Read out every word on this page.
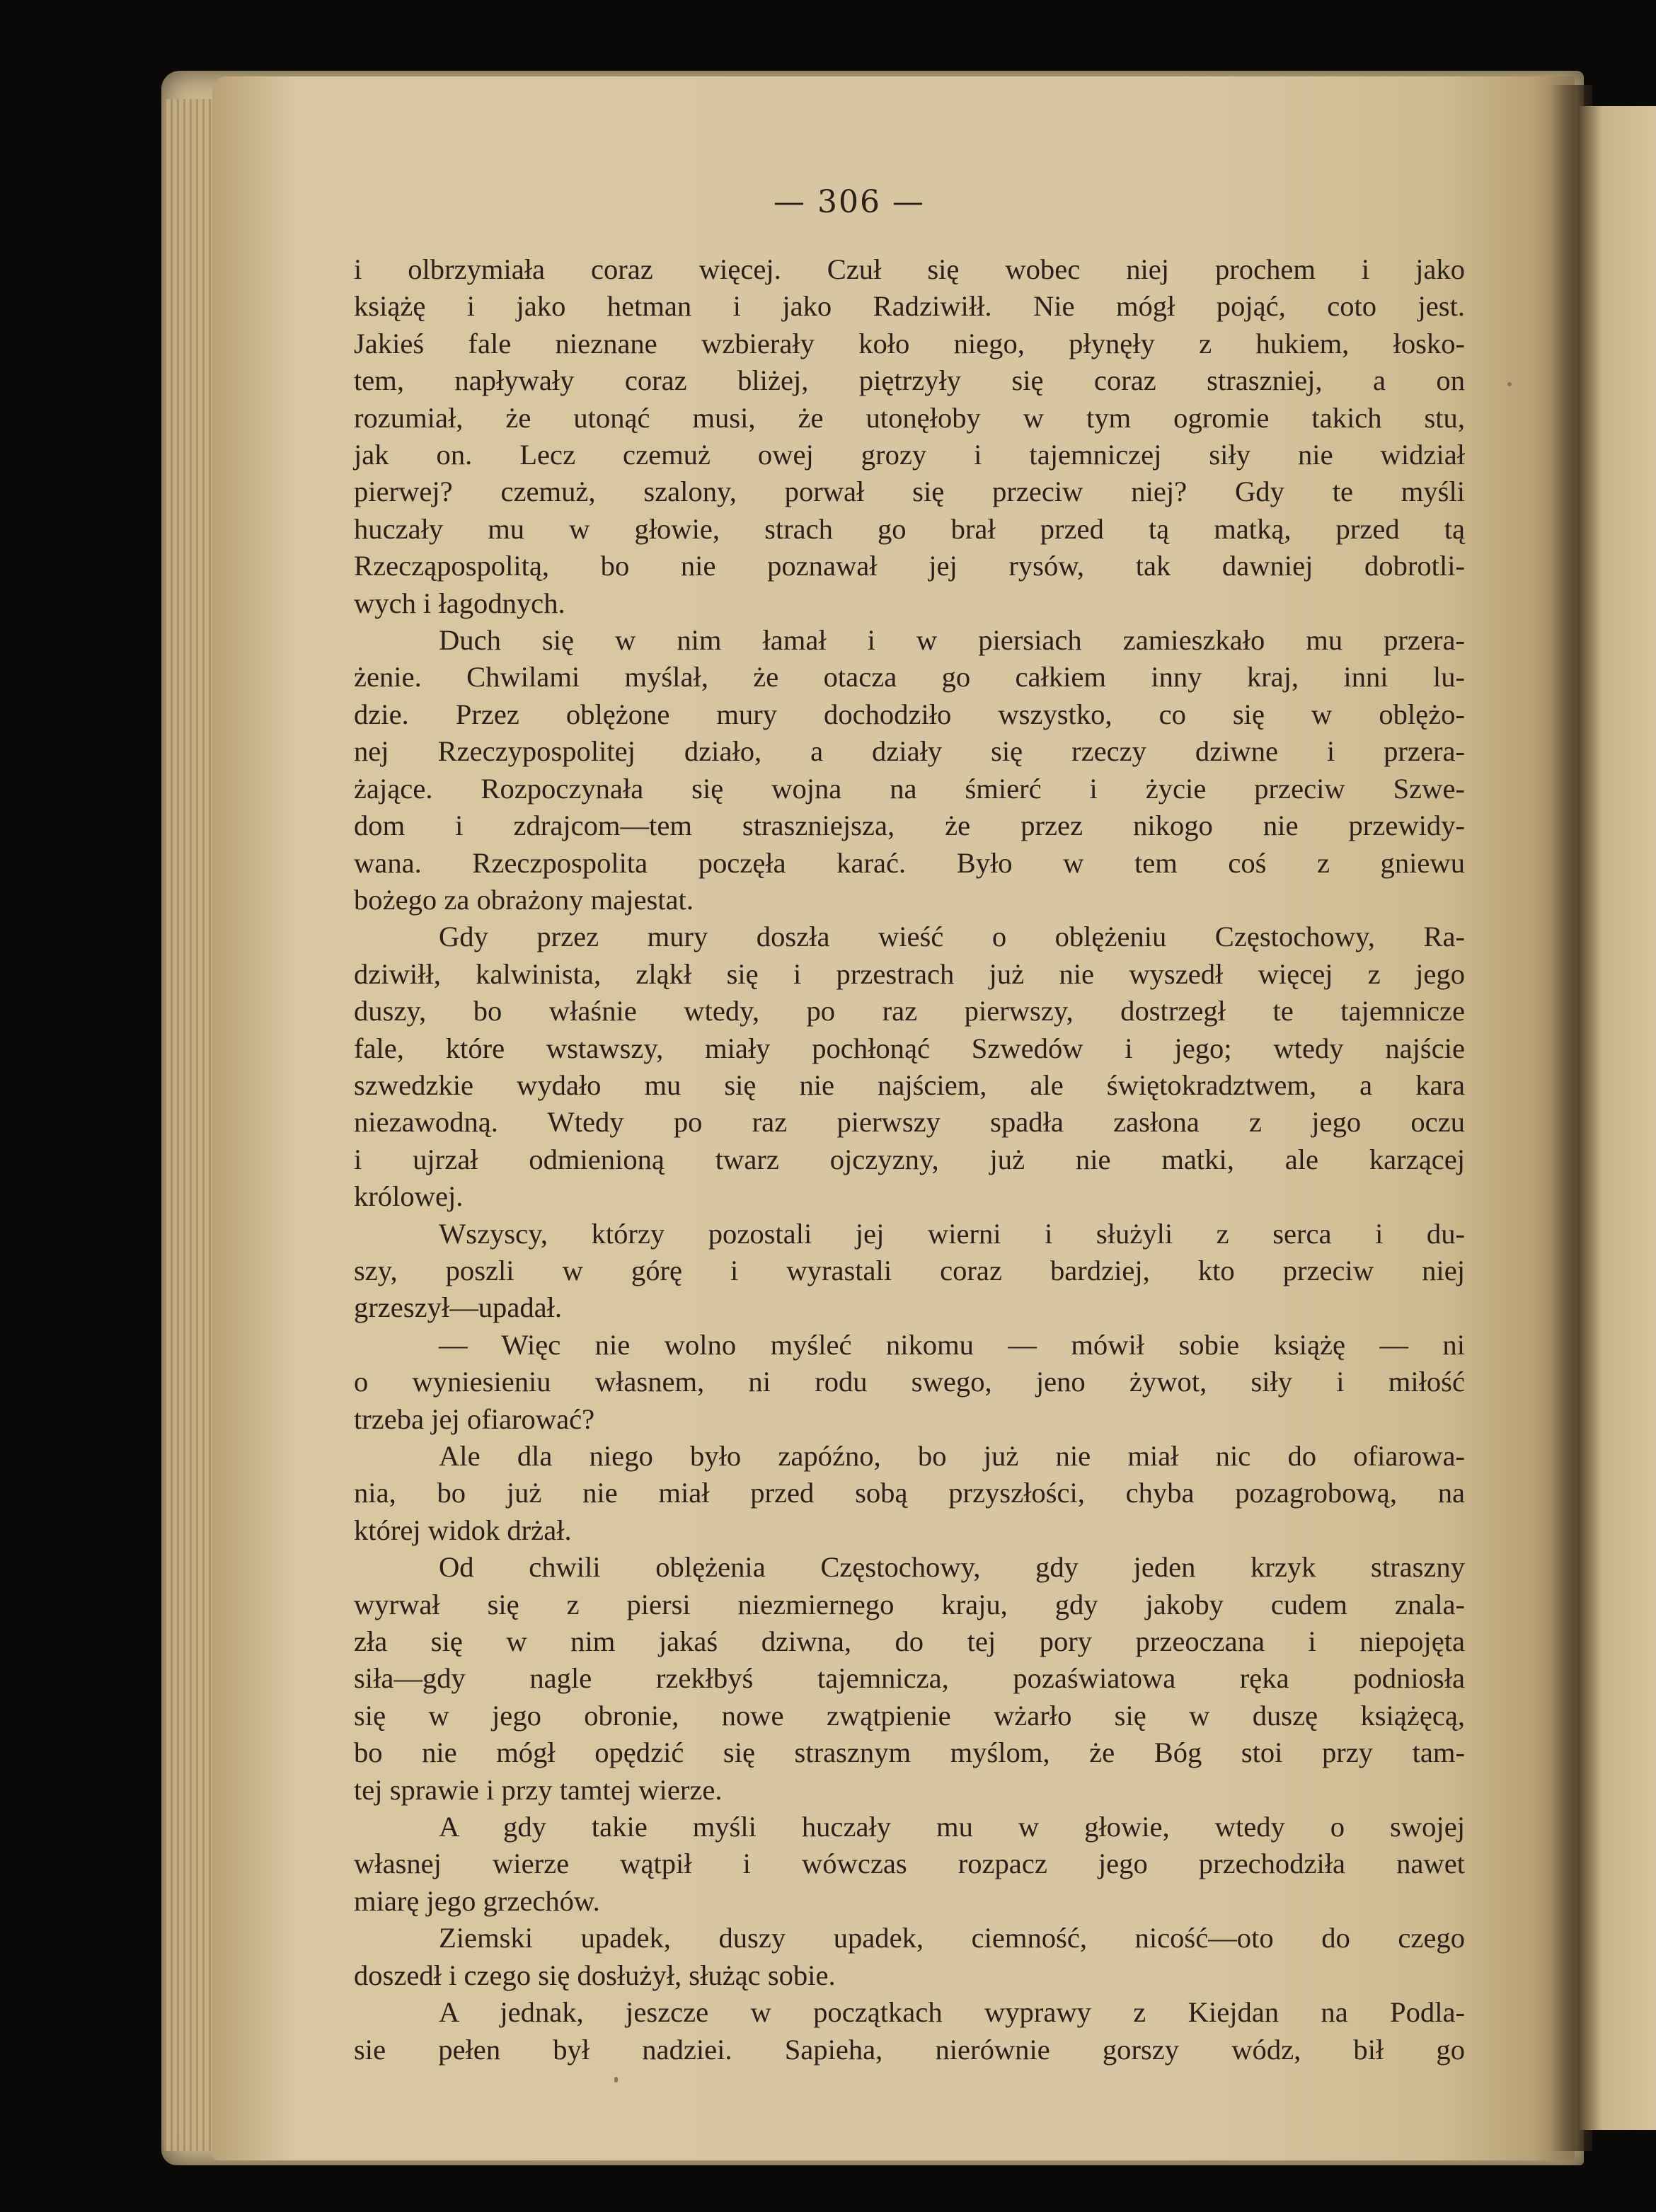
— 306 —
i olbrzymiała coraz więcej. Czuł się wobec niej prochem i jako
książę i jako hetman i jako Radziwiłł. Nie mógł pojąć, coto jest.
Jakieś fale nieznane wzbierały koło niego, płynęły z hukiem, łosko-
tem, napływały coraz bliżej, piętrzyły się coraz straszniej, a on
rozumiał, że utonąć musi, że utonęłoby w tym ogromie takich stu,
jak on. Lecz czemuż owej grozy i tajemniczej siły nie widział
pierwej? czemuż, szalony, porwał się przeciw niej? Gdy te myśli
huczały mu w głowie, strach go brał przed tą matką, przed tą
Rzecząpospolitą, bo nie poznawał jej rysów, tak dawniej dobrotli-
wych i łagodnych.
Duch się w nim łamał i w piersiach zamieszkało mu przera-
żenie. Chwilami myślał, że otacza go całkiem inny kraj, inni lu-
dzie. Przez oblężone mury dochodziło wszystko, co się w oblężo-
nej Rzeczypospolitej działo, a działy się rzeczy dziwne i przera-
żające. Rozpoczynała się wojna na śmierć i życie przeciw Szwe-
dom i zdrajcom—tem straszniejsza, że przez nikogo nie przewidy-
wana. Rzeczpospolita poczęła karać. Było w tem coś z gniewu
bożego za obrażony majestat.
Gdy przez mury doszła wieść o oblężeniu Częstochowy, Ra-
dziwiłł, kalwinista, zląkł się i przestrach już nie wyszedł więcej z jego
duszy, bo właśnie wtedy, po raz pierwszy, dostrzegł te tajemnicze
fale, które wstawszy, miały pochłonąć Szwedów i jego; wtedy najście
szwedzkie wydało mu się nie najściem, ale świętokradztwem, a kara
niezawodną. Wtedy po raz pierwszy spadła zasłona z jego oczu
i ujrzał odmienioną twarz ojczyzny, już nie matki, ale karzącej
królowej.
Wszyscy, którzy pozostali jej wierni i służyli z serca i du-
szy, poszli w górę i wyrastali coraz bardziej, kto przeciw niej
grzeszył—upadał.
— Więc nie wolno myśleć nikomu — mówił sobie książę — ni
o wyniesieniu własnem, ni rodu swego, jeno żywot, siły i miłość
trzeba jej ofiarować?
Ale dla niego było zapóźno, bo już nie miał nic do ofiarowa-
nia, bo już nie miał przed sobą przyszłości, chyba pozagrobową, na
której widok drżał.
Od chwili oblężenia Częstochowy, gdy jeden krzyk straszny
wyrwał się z piersi niezmiernego kraju, gdy jakoby cudem znala-
zła się w nim jakaś dziwna, do tej pory przeoczana i niepojęta
siła—gdy nagle rzekłbyś tajemnicza, pozaświatowa ręka podniosła
się w jego obronie, nowe zwątpienie wżarło się w duszę książęcą,
bo nie mógł opędzić się strasznym myślom, że Bóg stoi przy tam-
tej sprawie i przy tamtej wierze.
A gdy takie myśli huczały mu w głowie, wtedy o swojej
własnej wierze wątpił i wówczas rozpacz jego przechodziła nawet
miarę jego grzechów.
Ziemski upadek, duszy upadek, ciemność, nicość—oto do czego
doszedł i czego się dosłużył, służąc sobie.
A jednak, jeszcze w początkach wyprawy z Kiejdan na Podla-
sie pełen był nadziei. Sapieha, nierównie gorszy wódz, bił go
